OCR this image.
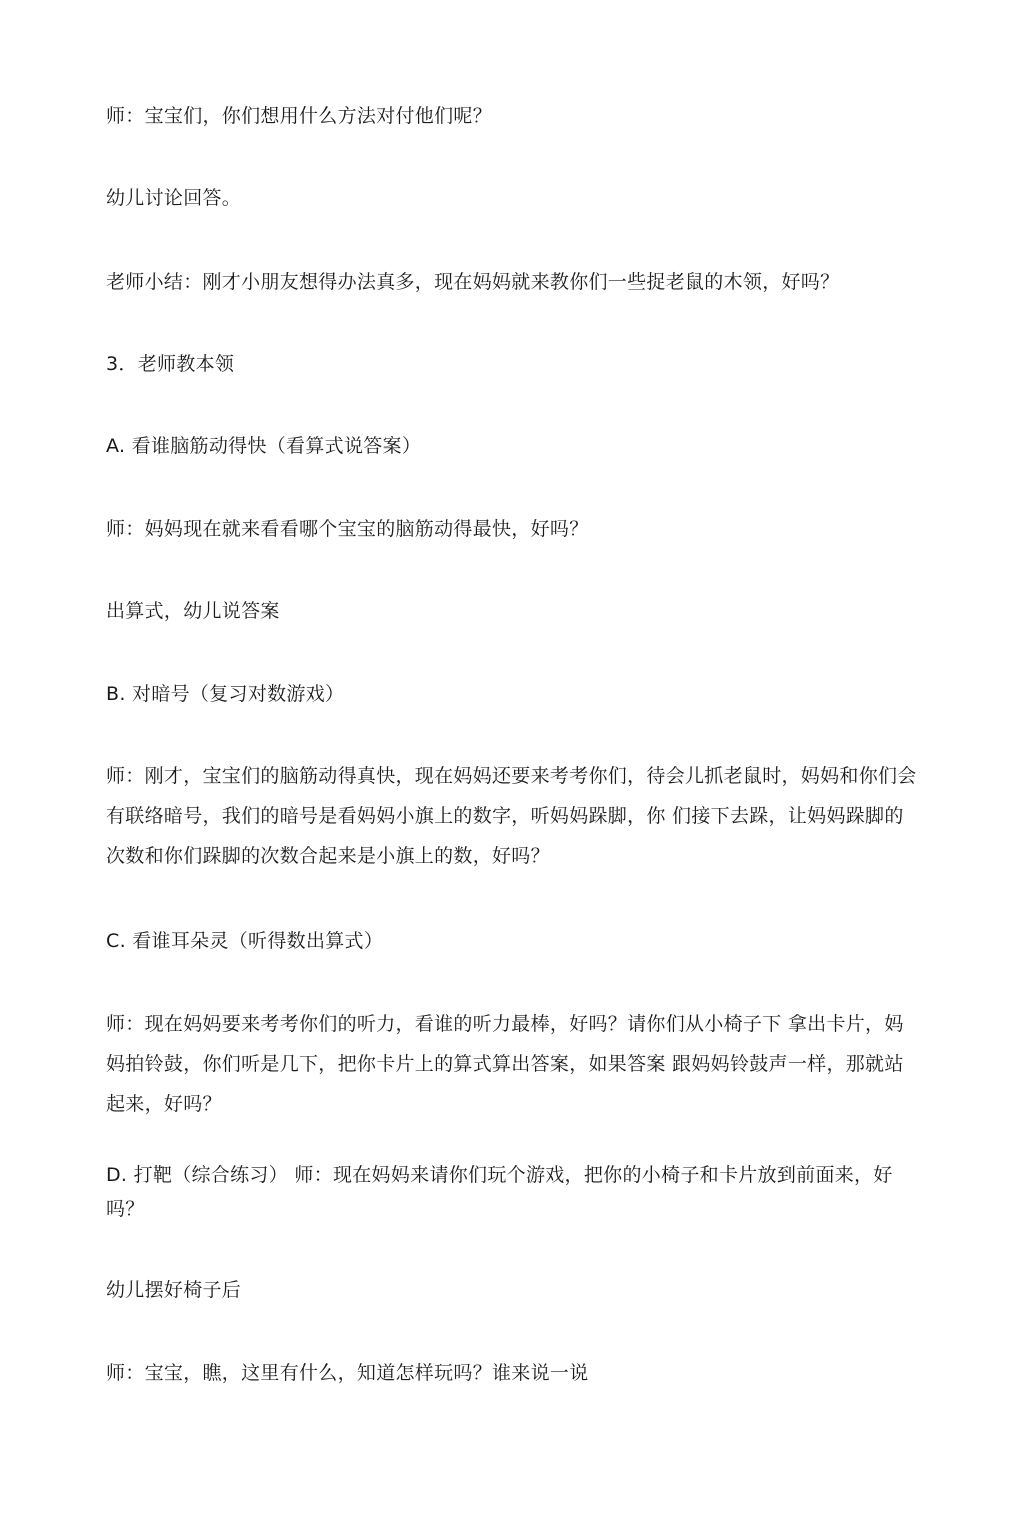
师：宝宝们，你们想用什么方法对付他们呢？

幼儿讨论回答。

老师小结：刚才小朋友想得办法真多，现在妈妈就来教你们一些捉老鼠的木领，好吗？

3．老师教本领

A. 看谁脑筋动得快（看算式说答案）

师：妈妈现在就来看看哪个宝宝的脑筋动得最快，好吗？

出算式，幼儿说答案

B. 对暗号（复习对数游戏）

师：刚才，宝宝们的脑筋动得真快，现在妈妈还要来考考你们，待会儿抓老鼠时，妈妈和你们会有联络暗号，我们的暗号是看妈妈小旗上的数字，听妈妈跺脚，你 们接下去跺，让妈妈跺脚的次数和你们跺脚的次数合起来是小旗上的数，好吗？

C. 看谁耳朵灵（听得数出算式）

师：现在妈妈要来考考你们的听力，看谁的听力最棒，好吗？请你们从小椅子下 拿出卡片，妈妈拍铃鼓，你们听是几下，把你卡片上的算式算出答案，如果答案 跟妈妈铃鼓声一样，那就站起来，好吗？

D. 打靶（综合练习） 师：现在妈妈来请你们玩个游戏，把你的小椅子和卡片放到前面来，好吗？

幼儿摆好椅子后

师：宝宝，瞧，这里有什么，知道怎样玩吗？谁来说一说
